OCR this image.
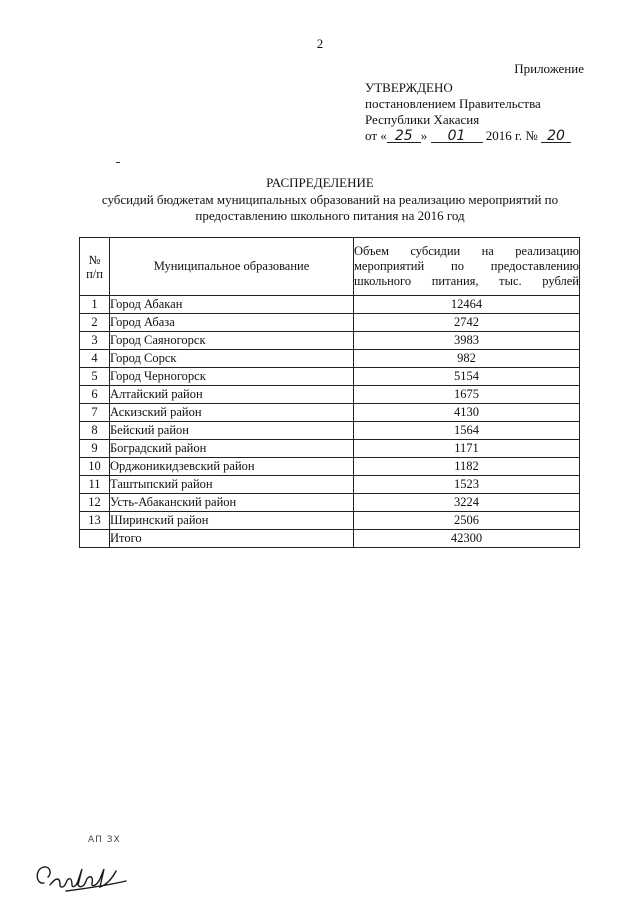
2
Приложение
УТВЕРЖДЕНО
постановлением Правительства
Республики Хакасия
от « 25 » 01 2016 г. № 20
РАСПРЕДЕЛЕНИЕ
субсидий бюджетам муниципальных образований на реализацию мероприятий по
предоставлению школьного питания на 2016 год
№
п/п	Муниципальное образование	Объем субсидии на реализацию мероприятий по предоставлению школьного питания, тыс. рублей
1	Город Абакан	12464
2	Город Абаза	2742
3	Город Саяногорск	3983
4	Город Сорск	982
5	Город Черногорск	5154
6	Алтайский район	1675
7	Аскизский район	4130
8	Бейский район	1564
9	Боградский район	1171
10	Орджоникидзевский район	1182
11	Таштыпский район	1523
12	Усть-Абаканский район	3224
13	Ширинский район	2506
	Итого	42300
АП ЗХ
